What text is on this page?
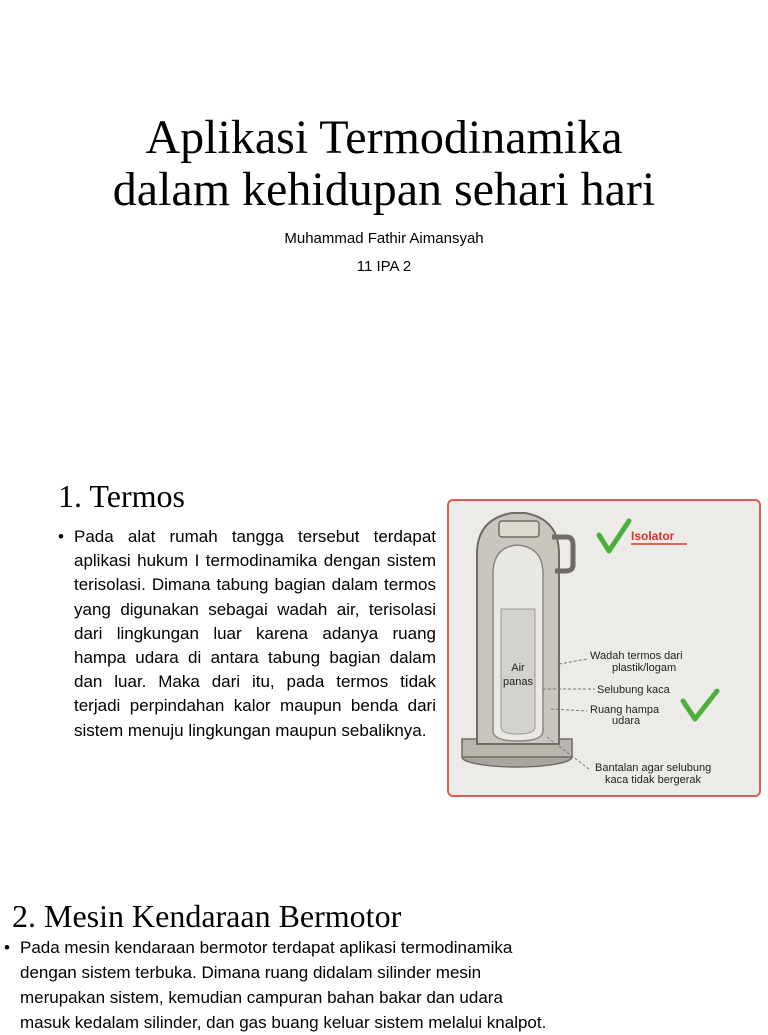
Aplikasi Termodinamika
dalam kehidupan sehari hari

Muhammad Fathir Aimansyah

11 IPA 2

1. Termos
• Pada alat rumah tangga tersebut terdapat aplikasi hukum I termodinamika dengan sistem terisolasi. Dimana tabung bagian dalam termos yang digunakan sebagai wadah air, terisolasi dari lingkungan luar karena adanya ruang hampa udara di antara tabung bagian dalam dan luar. Maka dari itu, pada termos tidak terjadi perpindahan kalor maupun benda dari sistem menuju lingkungan maupun sebaliknya.
Air
panas
Isolator
Wadah termos dari
plastik/logam
Selubung kaca
Ruang hampa
udara
Bantalan agar selubung
kaca tidak bergerak
2. Mesin Kendaraan Bermotor
• Pada mesin kendaraan bermotor terdapat aplikasi termodinamika
dengan sistem terbuka. Dimana ruang didalam silinder mesin
merupakan sistem, kemudian campuran bahan bakar dan udara
masuk kedalam silinder, dan gas buang keluar sistem melalui knalpot.
